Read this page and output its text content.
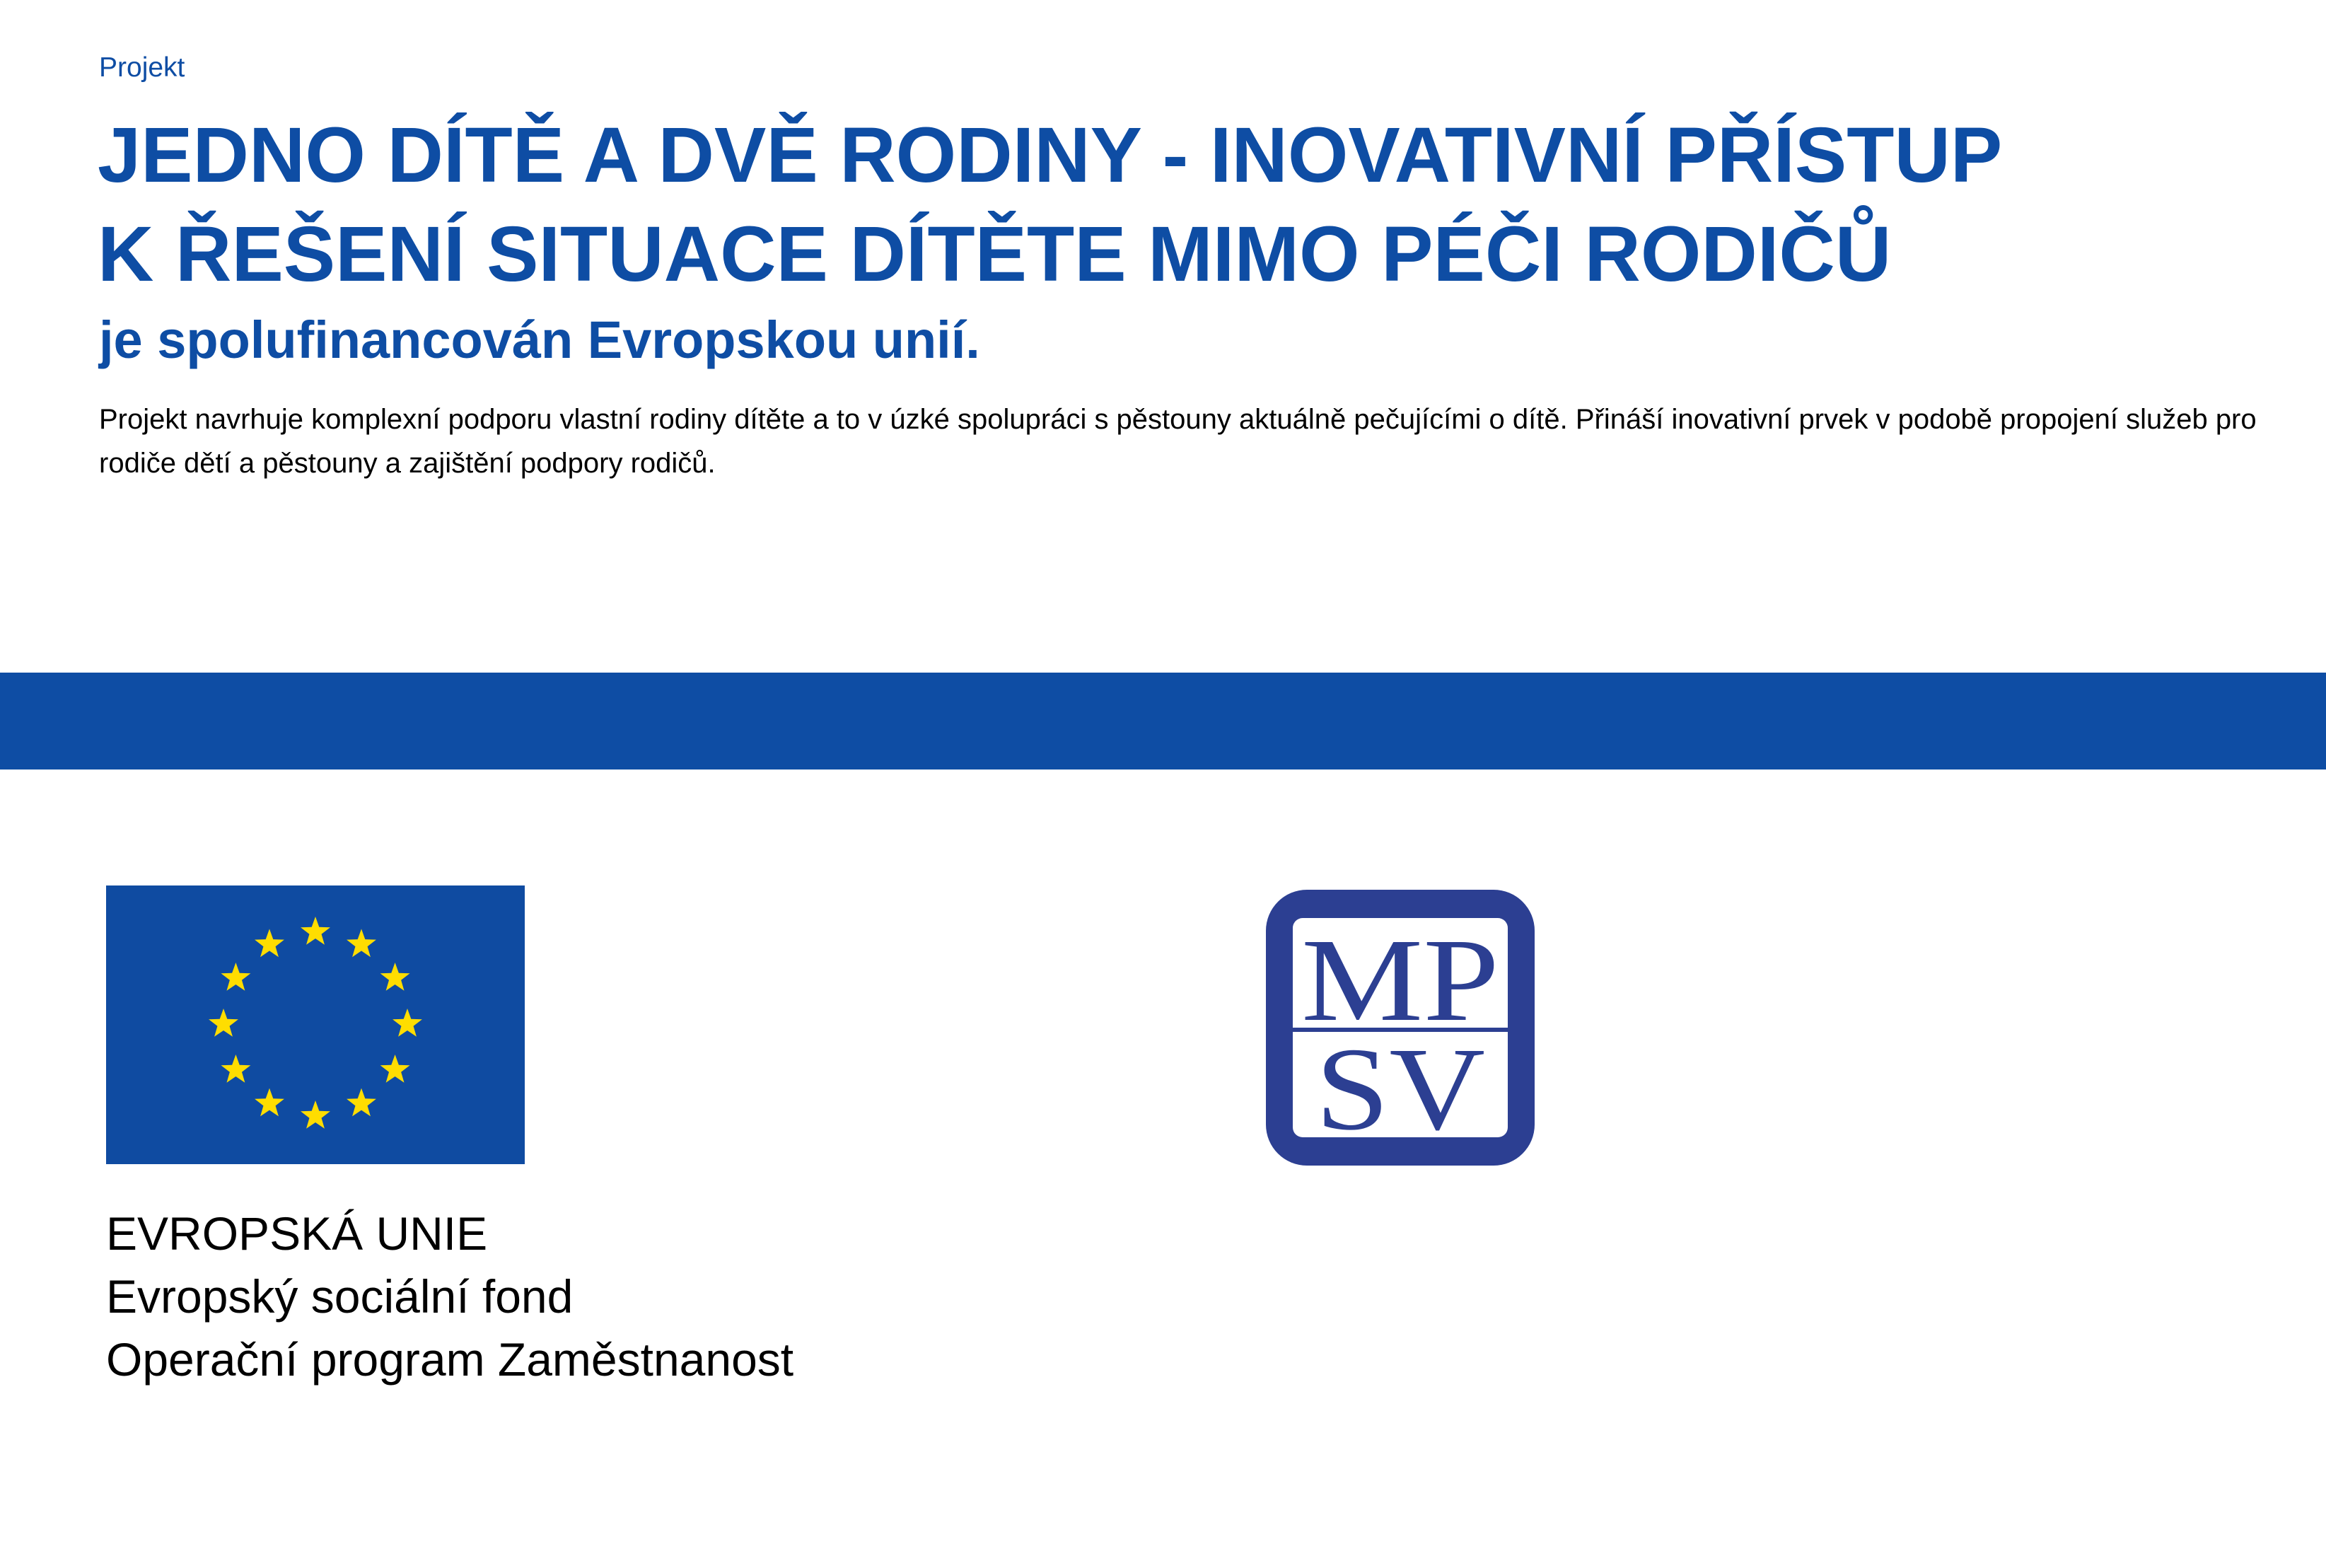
Projekt
JEDNO DÍTĚ A DVĚ RODINY - INOVATIVNÍ PŘÍSTUP
K ŘEŠENÍ SITUACE DÍTĚTE MIMO PÉČI RODIČŮ
je spolufinancován Evropskou unií.
Projekt navrhuje komplexní podporu vlastní rodiny dítěte a to v úzké spolupráci s pěstouny aktuálně pečujícími o dítě. Přináší inovativní prvek v podobě propojení služeb pro rodiče dětí a pěstouny a zajištění podpory rodičů.
EVROPSKÁ UNIE
Evropský sociální fond
Operační program Zaměstnanost
MP
SV
